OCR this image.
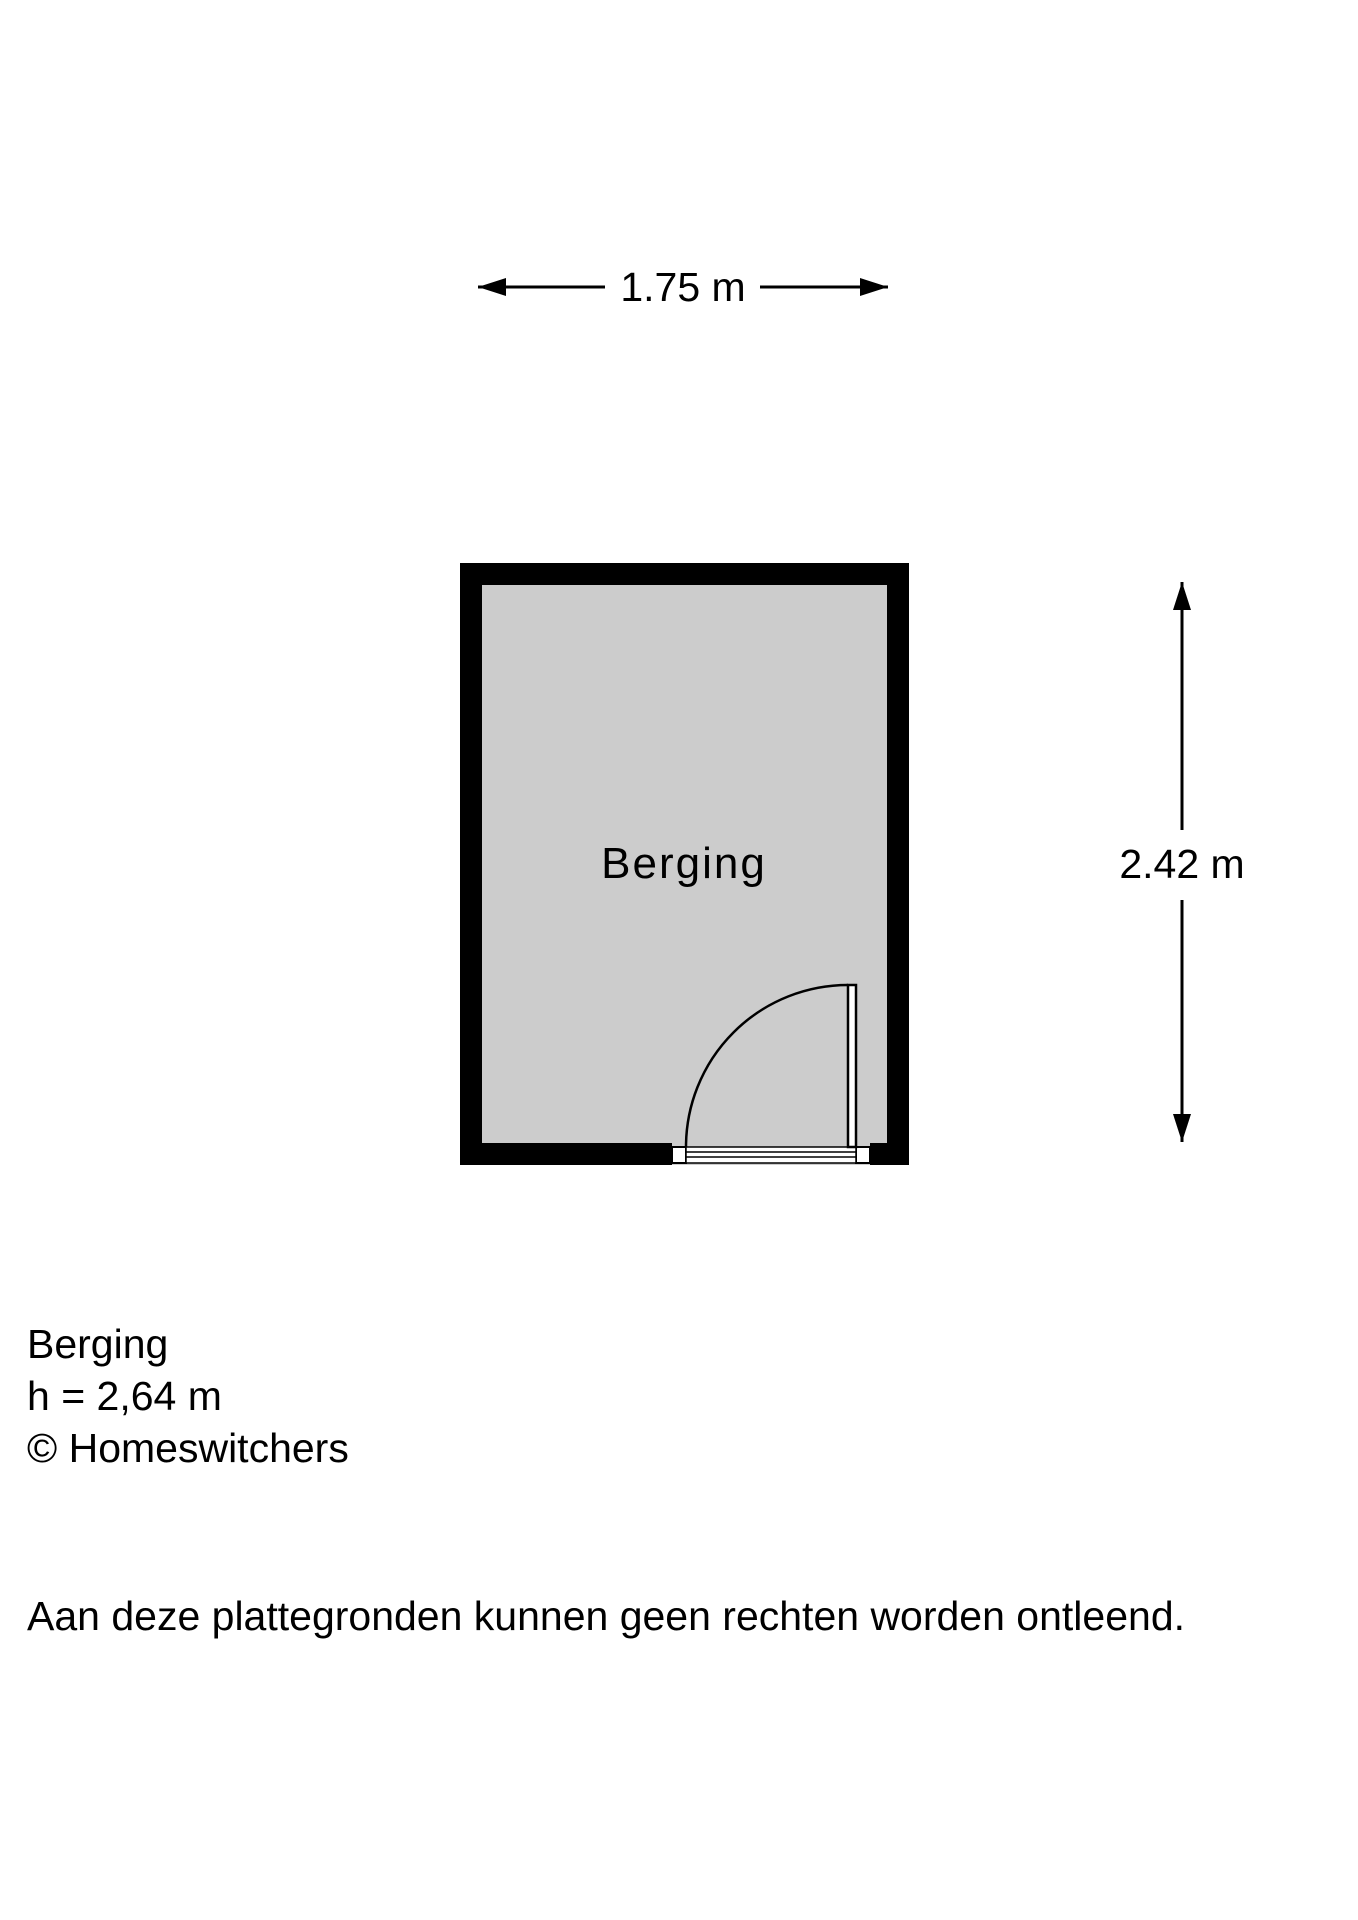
1.75 m
2.42 m
Berging
Berging
h = 2,64 m
© Homeswitchers
Aan deze plattegronden kunnen geen rechten worden ontleend.
